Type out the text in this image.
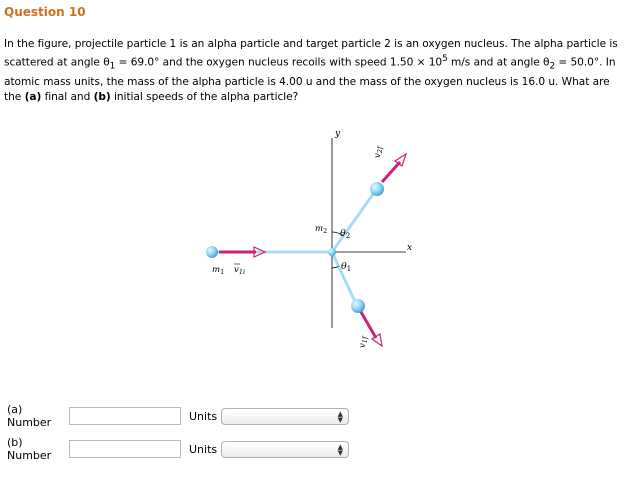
Question 10
In the figure, projectile particle 1 is an alpha particle and target particle 2 is an oxygen nucleus. The alpha particle is scattered at angle $\theta_1 = 69.0^\circ$ and the oxygen nucleus recoils with speed $1.50 \times 10^5$ m/s and at angle $\theta_2 = 50.0^\circ$. In atomic mass units, the mass of the alpha particle is 4.00 u and the mass of the oxygen nucleus is 16.0 u. What are the (a) final and (b) initial speeds of the alpha particle?
y
x
$m_1$ $v_{1i}$
$m_2$ $\theta_2$
$\theta_1$
$v_{2f}$
$v_{1f}$
(a) Number	Units	▲
▼
(b) Number	Units	▲
▼
